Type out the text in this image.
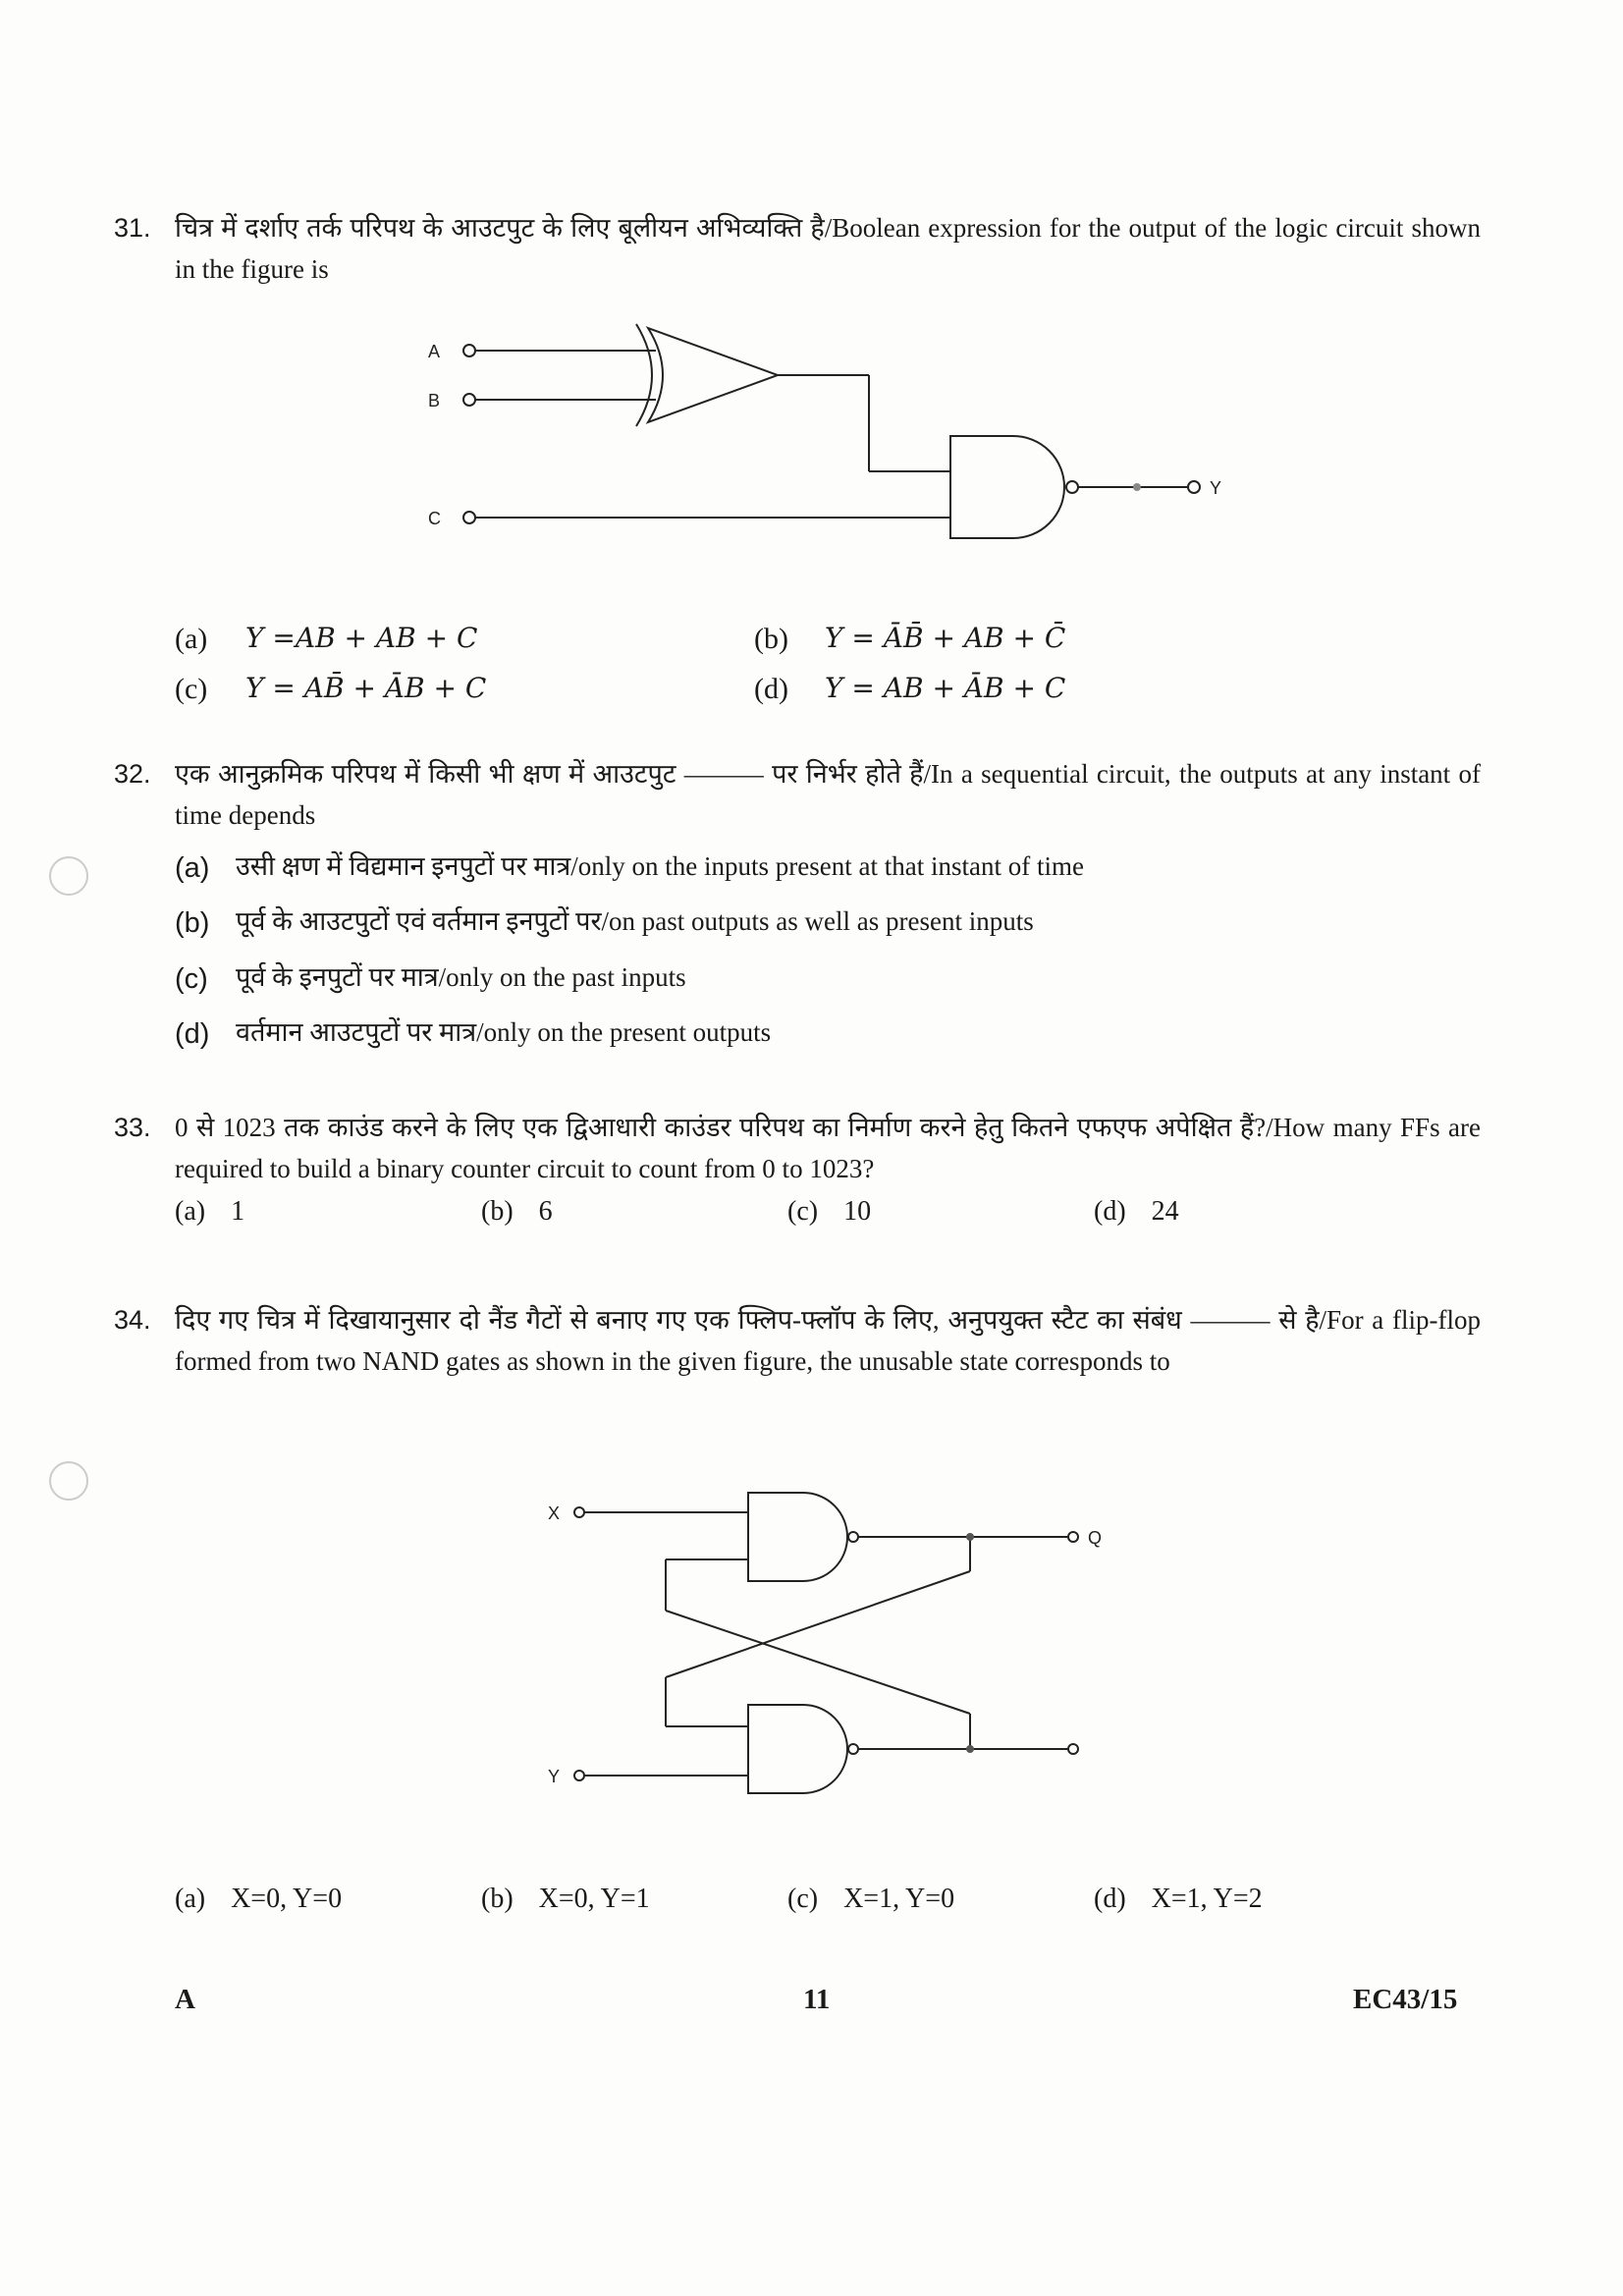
31. चित्र में दर्शाए तर्क परिपथ के आउटपुट के लिए बूलीयन अभिव्यक्ति है/Boolean expression for the output of the logic circuit shown in the figure is
A
B
C
Y
(a)	Y =AB + AB + C	(b)	Y = ĀB̄ + AB + C̄
(c)	Y = AB̄ + ĀB + C	(d)	Y = AB + ĀB + C
32. एक आनुक्रमिक परिपथ में किसी भी क्षण में आउटपुट ——— पर निर्भर होते हैं/In a sequential circuit, the outputs at any instant of time depends
(a) उसी क्षण में विद्यमान इनपुटों पर मात्र/only on the inputs present at that instant of time
(b) पूर्व के आउटपुटों एवं वर्तमान इनपुटों पर/on past outputs as well as present inputs
(c)	पूर्व के इनपुटों पर मात्र/only on the past inputs
(d) वर्तमान आउटपुटों पर मात्र/only on the present outputs
33. 0 से 1023 तक काउंड करने के लिए एक द्विआधारी काउंडर परिपथ का निर्माण करने हेतु कितने एफएफ अपेक्षित हैं?/How many FFs are required to build a binary counter circuit to count from 0 to 1023?
(a) 1	(b) 6	(c) 10	(d) 24
34. दिए गए चित्र में दिखायानुसार दो नैंड गैटों से बनाए गए एक फ्लिप-फ्लॉप के लिए, अनुपयुक्त स्टैट का संबंध ——— से है/For a flip-flop formed from two NAND gates as shown in the given figure, the unusable state corresponds to
X
Q
Y
(a) X=0, Y=0	(b) X=0, Y=1	(c) X=1, Y=0	(d) X=1, Y=2
A	11	EC43/15
